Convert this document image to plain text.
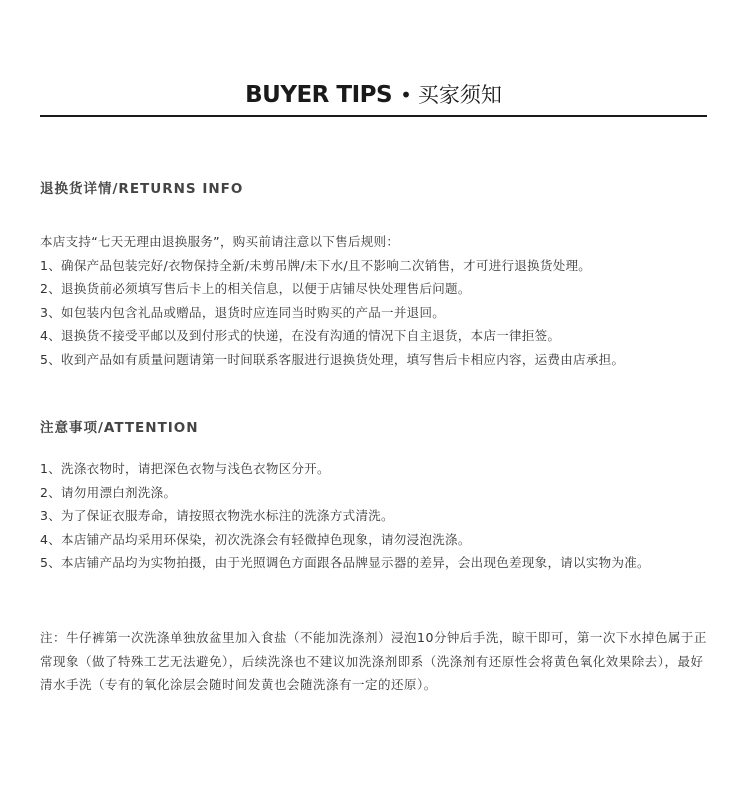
BUYER TIPS • 买家须知
退换货详情/RETURNS INFO
本店支持“七天无理由退换服务”，购买前请注意以下售后规则：
1、确保产品包装完好/衣物保持全新/未剪吊牌/未下水/且不影响二次销售，才可进行退换货处理。
2、退换货前必须填写售后卡上的相关信息，以便于店铺尽快处理售后问题。
3、如包装内包含礼品或赠品，退货时应连同当时购买的产品一并退回。
4、退换货不接受平邮以及到付形式的快递，在没有沟通的情况下自主退货，本店一律拒签。
5、收到产品如有质量问题请第一时间联系客服进行退换货处理，填写售后卡相应内容，运费由店承担。
注意事项/ATTENTION
1、洗涤衣物时，请把深色衣物与浅色衣物区分开。
2、请勿用漂白剂洗涤。
3、为了保证衣服寿命，请按照衣物洗水标注的洗涤方式清洗。
4、本店铺产品均采用环保染，初次洗涤会有轻微掉色现象，请勿浸泡洗涤。
5、本店铺产品均为实物拍摄，由于光照调色方面跟各品牌显示器的差异，会出现色差现象，请以实物为准。
注：牛仔裤第一次洗涤单独放盆里加入食盐（不能加洗涤剂）浸泡10分钟后手洗，晾干即可，第一次下水掉色属于正常现象（做了特殊工艺无法避免），后续洗涤也不建议加洗涤剂即系（洗涤剂有还原性会将黄色氧化效果除去），最好清水手洗（专有的氧化涂层会随时间发黄也会随洗涤有一定的还原）。
